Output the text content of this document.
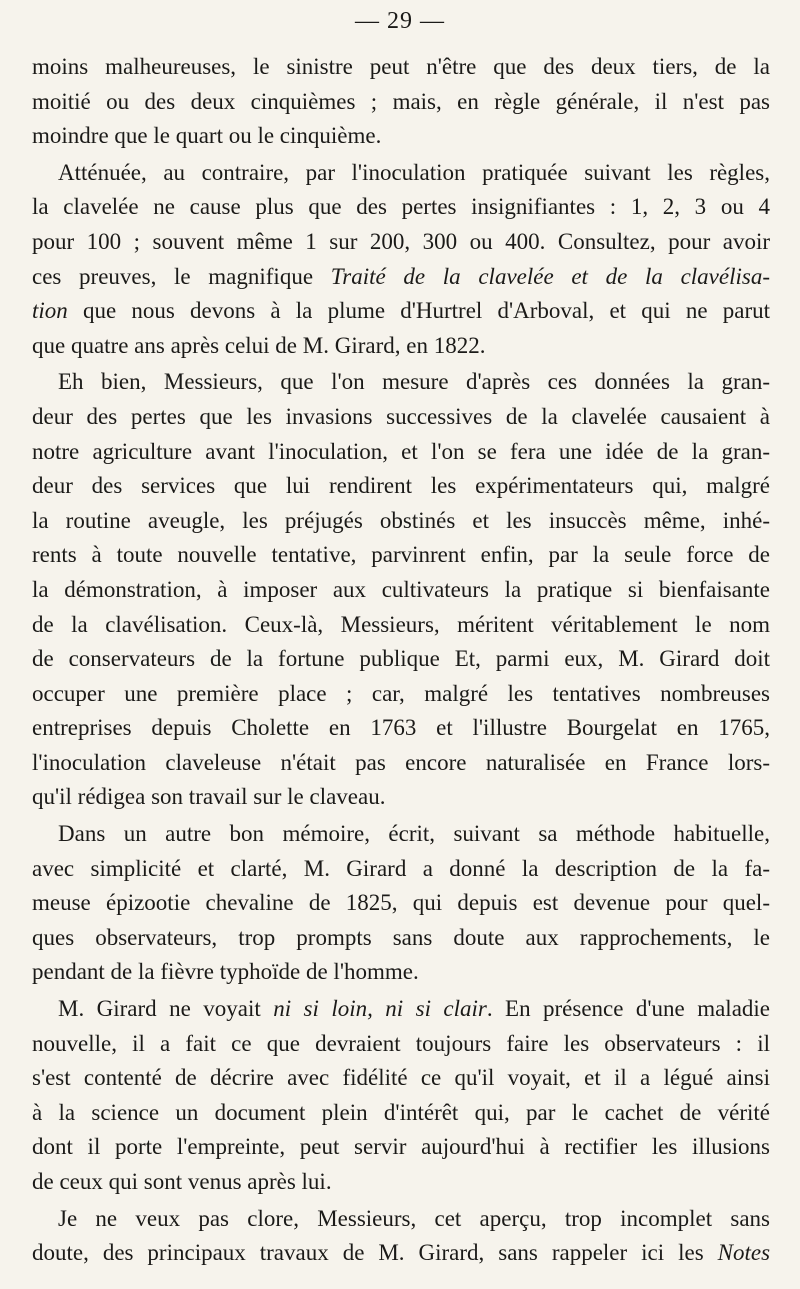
— 29 —
moins malheureuses, le sinistre peut n'être que des deux tiers, de la
moitié ou des deux cinquièmes ; mais, en règle générale, il n'est pas
moindre que le quart ou le cinquième.
Atténuée, au contraire, par l'inoculation pratiquée suivant les règles,
la clavelée ne cause plus que des pertes insignifiantes : 1, 2, 3 ou 4
pour 100 ; souvent même 1 sur 200, 300 ou 400. Consultez, pour avoir
ces preuves, le magnifique Traité de la clavelée et de la clavélisa-
tion que nous devons à la plume d'Hurtrel d'Arboval, et qui ne parut
que quatre ans après celui de M. Girard, en 1822.
Eh bien, Messieurs, que l'on mesure d'après ces données la gran-
deur des pertes que les invasions successives de la clavelée causaient à
notre agriculture avant l'inoculation, et l'on se fera une idée de la gran-
deur des services que lui rendirent les expérimentateurs qui, malgré
la routine aveugle, les préjugés obstinés et les insuccès même, inhé-
rents à toute nouvelle tentative, parvinrent enfin, par la seule force de
la démonstration, à imposer aux cultivateurs la pratique si bienfaisante
de la clavélisation. Ceux-là, Messieurs, méritent véritablement le nom
de conservateurs de la fortune publique Et, parmi eux, M. Girard doit
occuper une première place ; car, malgré les tentatives nombreuses
entreprises depuis Cholette en 1763 et l'illustre Bourgelat en 1765,
l'inoculation claveleuse n'était pas encore naturalisée en France lors-
qu'il rédigea son travail sur le claveau.
Dans un autre bon mémoire, écrit, suivant sa méthode habituelle,
avec simplicité et clarté, M. Girard a donné la description de la fa-
meuse épizootie chevaline de 1825, qui depuis est devenue pour quel-
ques observateurs, trop prompts sans doute aux rapprochements, le
pendant de la fièvre typhoïde de l'homme.
M. Girard ne voyait ni si loin, ni si clair. En présence d'une maladie
nouvelle, il a fait ce que devraient toujours faire les observateurs : il
s'est contenté de décrire avec fidélité ce qu'il voyait, et il a légué ainsi
à la science un document plein d'intérêt qui, par le cachet de vérité
dont il porte l'empreinte, peut servir aujourd'hui à rectifier les illusions
de ceux qui sont venus après lui.
Je ne veux pas clore, Messieurs, cet aperçu, trop incomplet sans
doute, des principaux travaux de M. Girard, sans rappeler ici les Notes
